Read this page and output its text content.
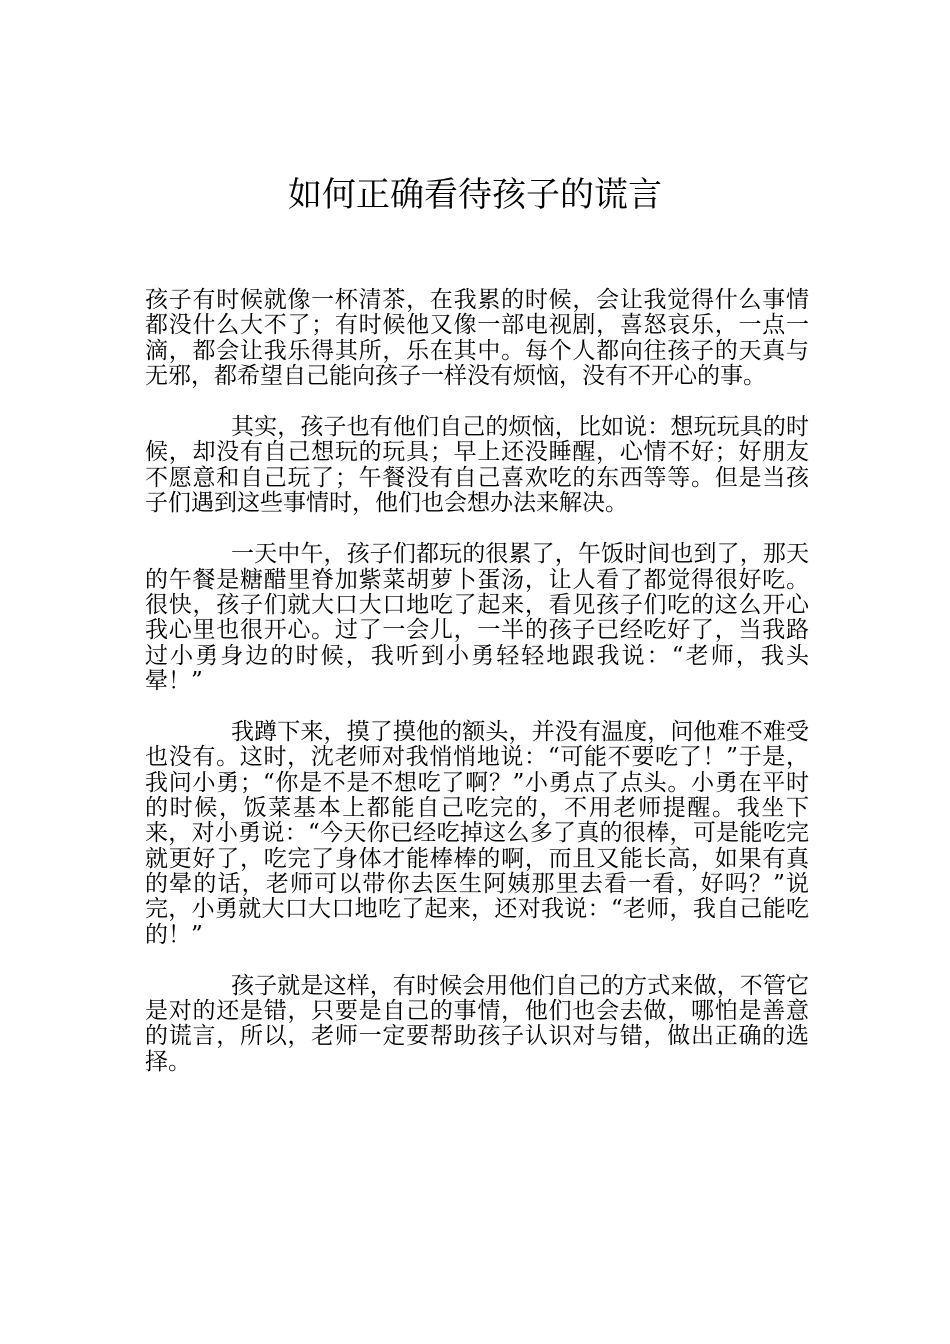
如何正确看待孩子的谎言

孩子有时候就像一杯清茶，在我累的时候，会让我觉得什么事情都没什么大不了；有时候他又像一部电视剧，喜怒哀乐，一点一滴，都会让我乐得其所，乐在其中。每个人都向往孩子的天真与无邪，都希望自己能向孩子一样没有烦恼，没有不开心的事。

其实，孩子也有他们自己的烦恼，比如说：想玩玩具的时候，却没有自己想玩的玩具；早上还没睡醒，心情不好；好朋友不愿意和自己玩了；午餐没有自己喜欢吃的东西等等。但是当孩子们遇到这些事情时，他们也会想办法来解决。

一天中午，孩子们都玩的很累了，午饭时间也到了，那天的午餐是糖醋里脊加紫菜胡萝卜蛋汤，让人看了都觉得很好吃。很快，孩子们就大口大口地吃了起来，看见孩子们吃的这么开心我心里也很开心。过了一会儿，一半的孩子已经吃好了，当我路过小勇身边的时候，我听到小勇轻轻地跟我说：“老师，我头晕！”

我蹲下来，摸了摸他的额头，并没有温度，问他难不难受也没有。这时，沈老师对我悄悄地说：“可能不要吃了！”于是，我问小勇；“你是不是不想吃了啊？”小勇点了点头。小勇在平时的时候，饭菜基本上都能自己吃完的，不用老师提醒。我坐下来，对小勇说：“今天你已经吃掉这么多了真的很棒，可是能吃完就更好了，吃完了身体才能棒棒的啊，而且又能长高，如果有真的晕的话，老师可以带你去医生阿姨那里去看一看，好吗？”说完，小勇就大口大口地吃了起来，还对我说：“老师，我自己能吃的！”

孩子就是这样，有时候会用他们自己的方式来做，不管它是对的还是错，只要是自己的事情，他们也会去做，哪怕是善意的谎言，所以，老师一定要帮助孩子认识对与错，做出正确的选择。
